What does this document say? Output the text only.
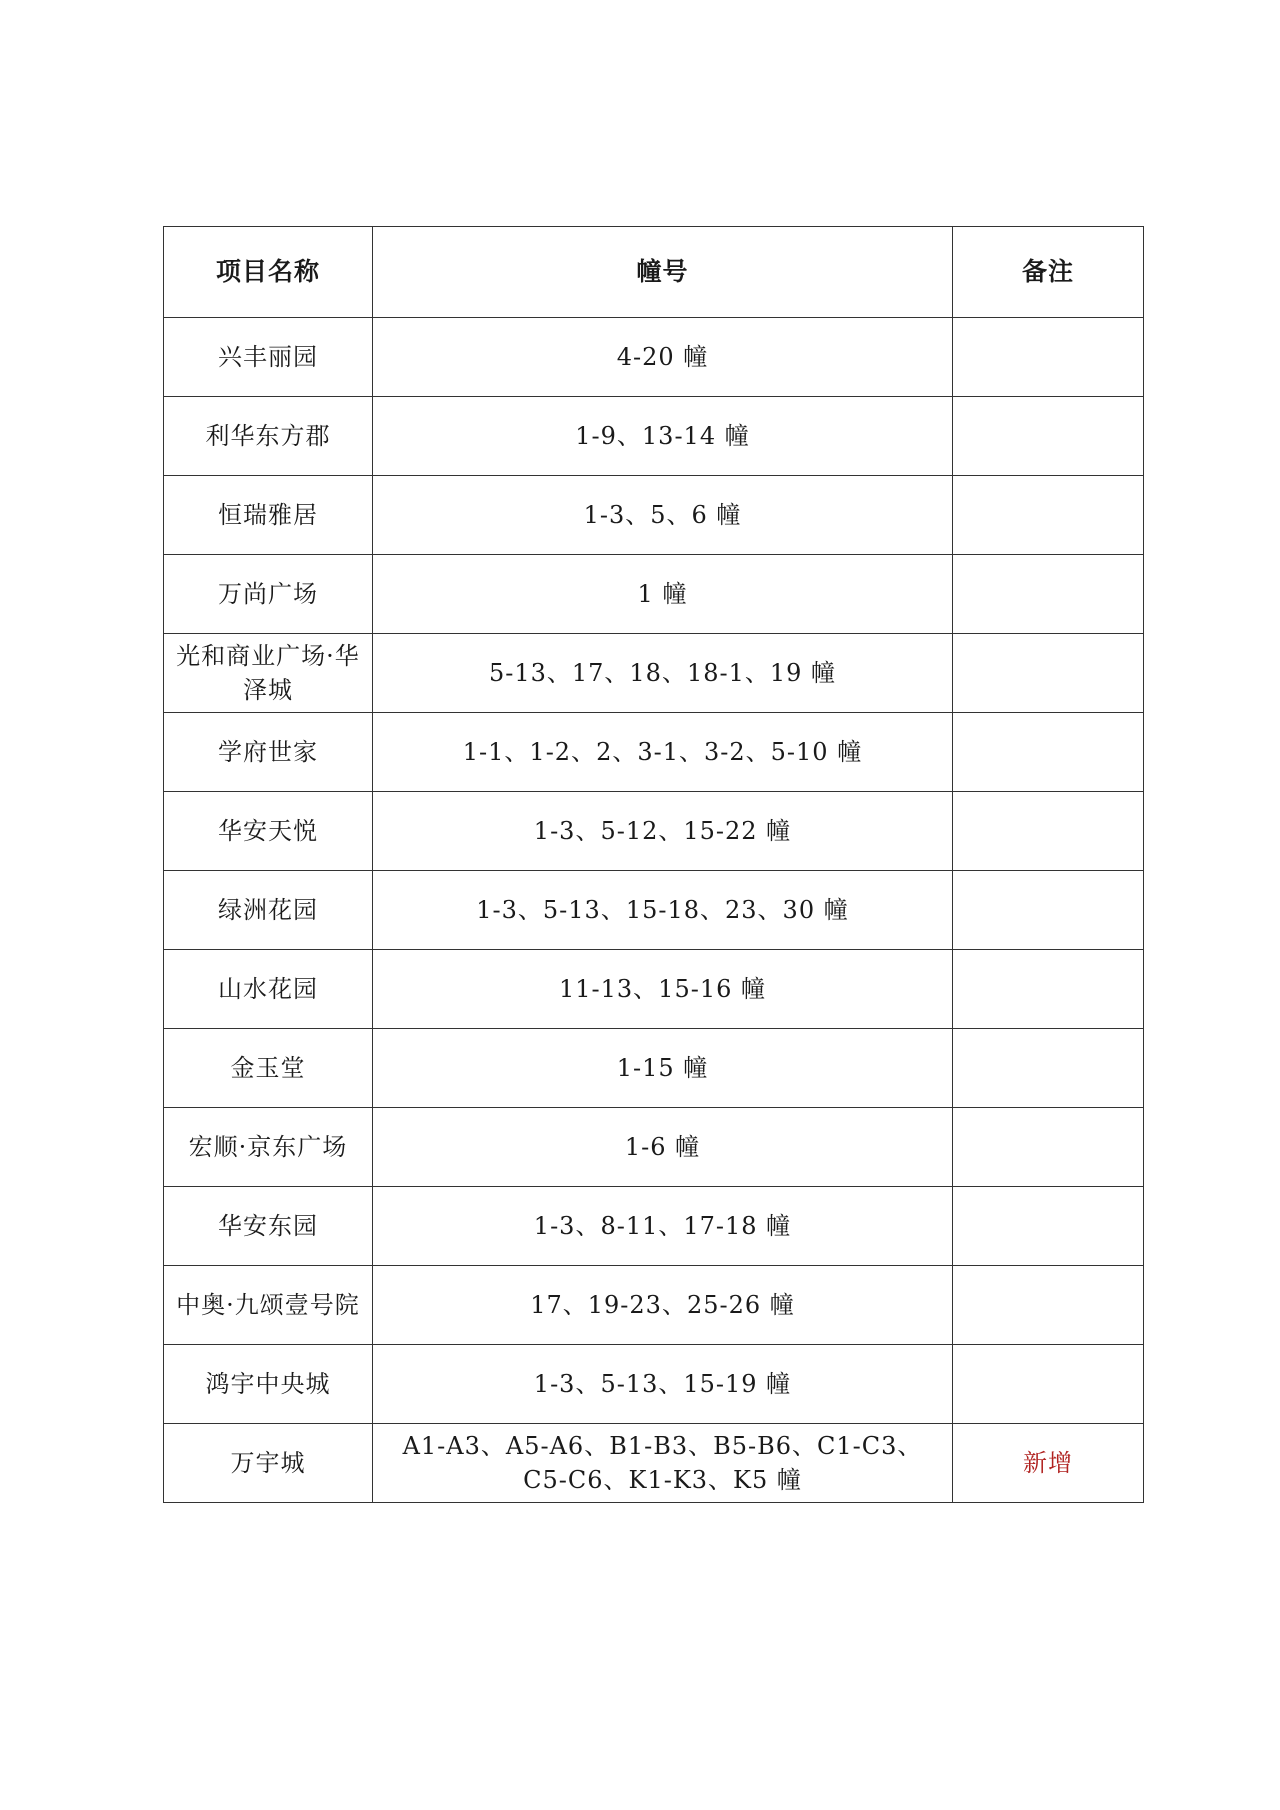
项目名称	幢号	备注
兴丰丽园	4-20 幢	
利华东方郡	1-9、13-14 幢	
恒瑞雅居	1-3、5、6 幢	
万尚广场	1 幢	
光和商业广场·华泽城	5-13、17、18、18-1、19 幢	
学府世家	1-1、1-2、2、3-1、3-2、5-10 幢	
华安天悦	1-3、5-12、15-22 幢	
绿洲花园	1-3、5-13、15-18、23、30 幢	
山水花园	11-13、15-16 幢	
金玉堂	1-15 幢	
宏顺·京东广场	1-6 幢	
华安东园	1-3、8-11、17-18 幢	
中奥·九颂壹号院	17、19-23、25-26 幢	
鸿宇中央城	1-3、5-13、15-19 幢	
万宇城	A1-A3、A5-A6、B1-B3、B5-B6、C1-C3、C5-C6、K1-K3、K5 幢	新增
